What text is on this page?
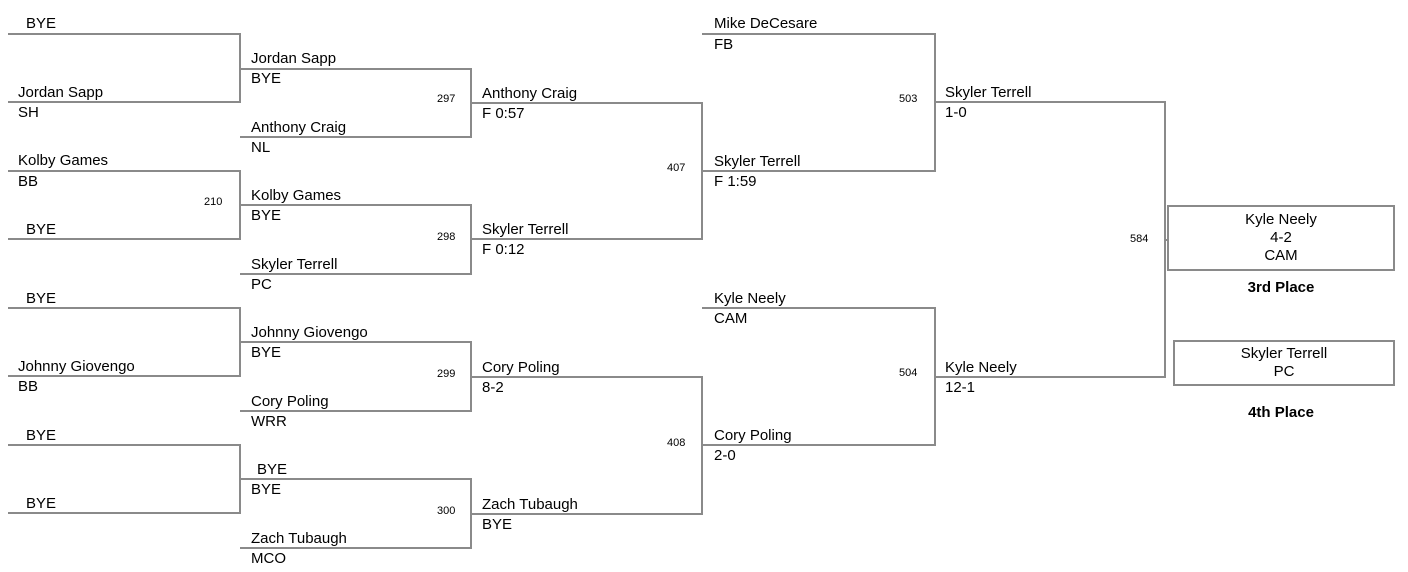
BYE
Jordan Sapp
SH
Kolby Games
BB
BYE
BYE
Johnny Giovengo
BB
BYE
BYE
Jordan Sapp
BYE
Anthony Craig
NL
Kolby Games
BYE
Skyler Terrell
PC
Johnny Giovengo
BYE
Cory Poling
WRR
BYE
BYE
Zach Tubaugh
MCO
Anthony Craig
F 0:57
Skyler Terrell
F 0:12
Cory Poling
8-2
Zach Tubaugh
BYE
Mike DeCesare
FB
Skyler Terrell
F 1:59
Kyle Neely
CAM
Cory Poling
2-0
Skyler Terrell
1-0
Kyle Neely
12-1
210
297
298
299
300
407
408
503
504
584
Kyle Neely
4-2
CAM
3rd Place
Skyler Terrell
PC
4th Place
